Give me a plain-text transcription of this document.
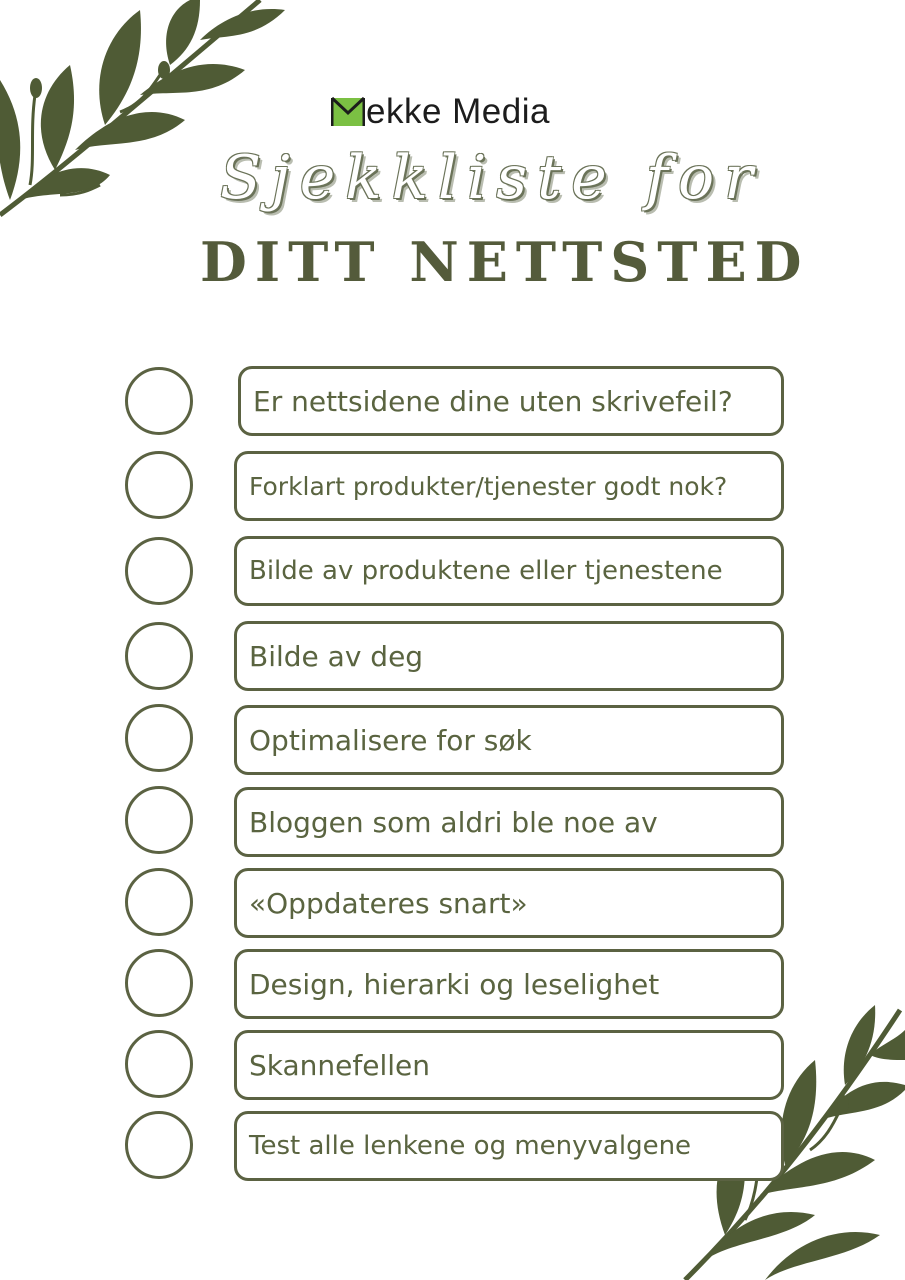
ekke Media
Sjekkliste for
DITT NETTSTED
Er nettsidene dine uten skrivefeil?
Forklart produkter/tjenester godt nok?
Bilde av produktene eller tjenestene
Bilde av deg
Optimalisere for søk
Bloggen som aldri ble noe av
«Oppdateres snart»
Design, hierarki og leselighet
Skannefellen
Test alle lenkene og menyvalgene
